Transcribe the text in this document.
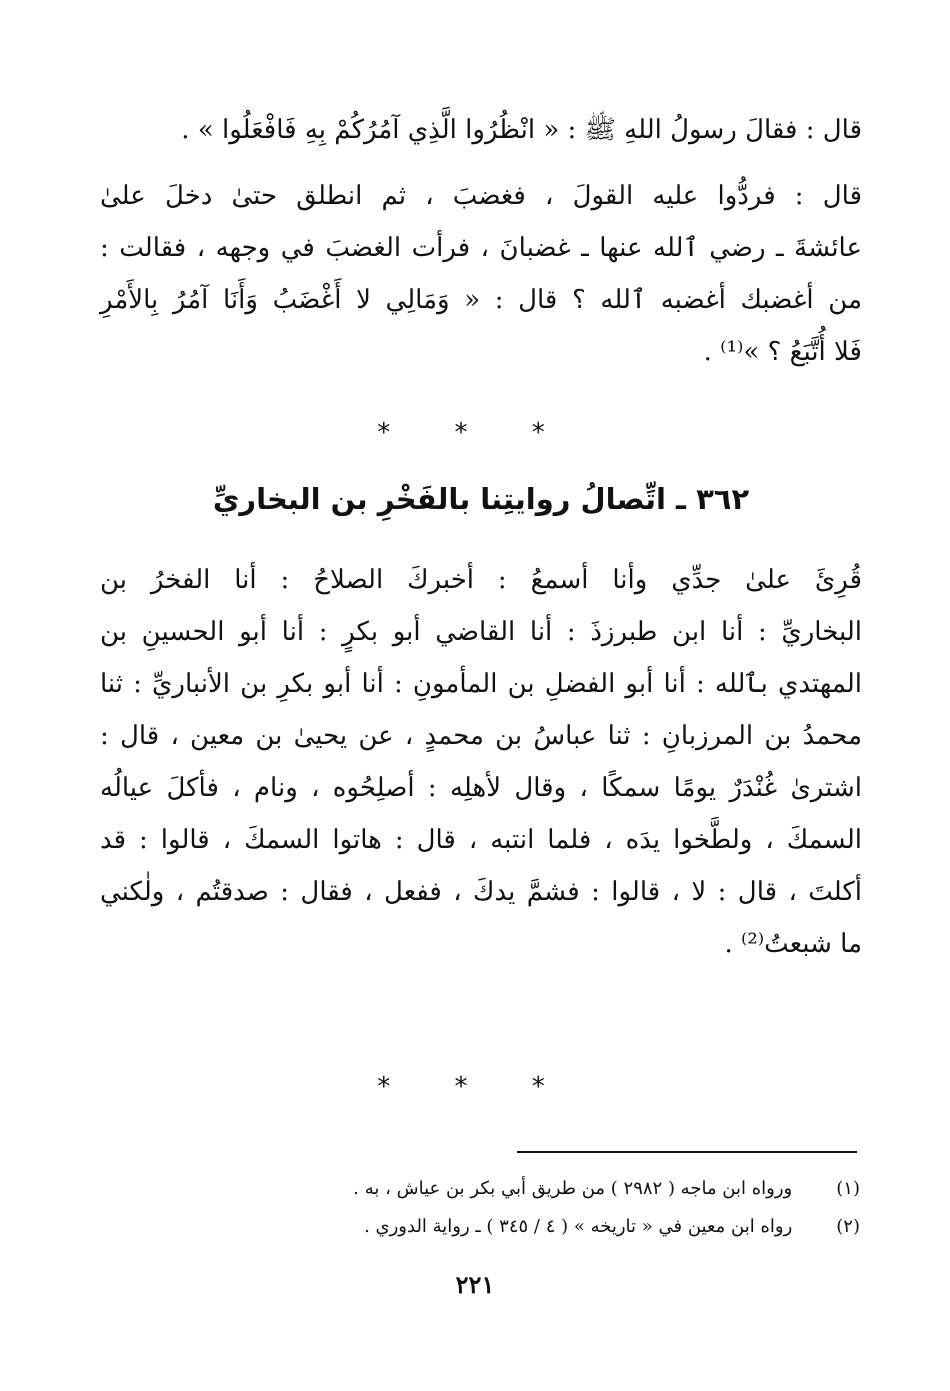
قال : فقالَ رسولُ اللهِ ﷺ : « انْظُرُوا الَّذِي آمُرُكُمْ بِهِ فَافْعَلُوا » .
قال : فردُّوا عليه القولَ ، فغضبَ ، ثم انطلق حتىٰ دخلَ علىٰ
عائشةَ ـ رضي ٱلله عنها ـ غضبانَ ، فرأت الغضبَ في وجهه ، فقالت :
من أغضبك أغضبه ٱلله ؟ قال : « وَمَالِي لا أَغْضَبُ وَأَنَا آمُرُ بِالأَمْرِ
فَلا أُتَّبَعُ ؟ »⁽¹⁾ .
* * *
٣٦٢ ـ اتِّصالُ روايتِنا بالفَخْرِ بن البخاريِّ
قُرِئَ علىٰ جدِّي وأنا أسمعُ : أخبركَ الصلاحُ : أنا الفخرُ بن
البخاريِّ : أنا ابن طبرزذَ : أنا القاضي أبو بكرٍ : أنا أبو الحسينِ بن
المهتدي بٱلله : أنا أبو الفضلِ بن المأمونِ : أنا أبو بكرِ بن الأنباريِّ : ثنا
محمدُ بن المرزبانِ : ثنا عباسُ بن محمدٍ ، عن يحيىٰ بن معين ، قال :
اشترىٰ غُنْدَرٌ يومًا سمكًا ، وقال لأهلِه : أصلِحُوه ، ونام ، فأكلَ عيالُه
السمكَ ، ولطَّخوا يدَه ، فلما انتبه ، قال : هاتوا السمكَ ، قالوا : قد
أكلتَ ، قال : لا ، قالوا : فشمَّ يدكَ ، ففعل ، فقال : صدقتُم ، ولٰكني
ما شبعتُ⁽²⁾ .
* * *
(١) ورواه ابن ماجه ( ٢٩٨٢ ) من طريق أبي بكر بن عياش ، به .
(٢) رواه ابن معين في « تاريخه » ( ٤ / ٣٤٥ ) ـ رواية الدوري .
٢٢١
